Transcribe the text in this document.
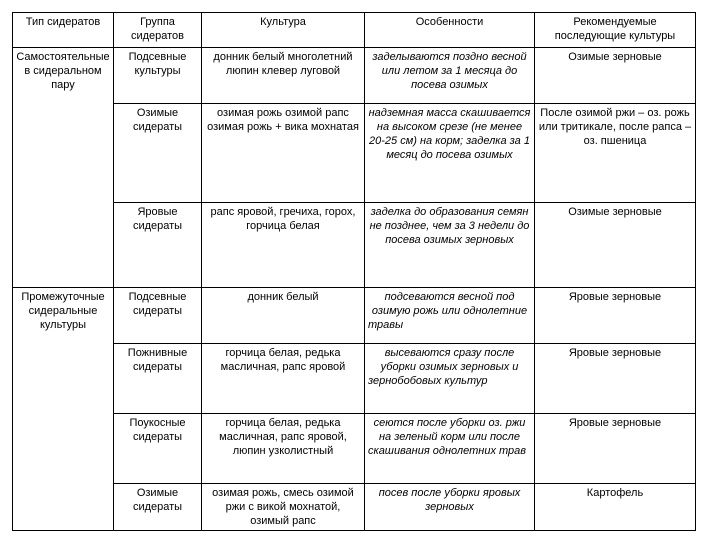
Тип сидератов	Группа сидератов	Культура	Особенности	Рекомендуемые последующие культуры
Самостоятельные в сидеральном пару	Подсевные культуры	донник белый многолетний люпин клевер луговой	заделываются поздно весной или летом за 1 месяца до посева озимых	Озимые зерновые
	Озимые сидераты	озимая рожь озимой рапс озимая рожь + вика мохнатая	надземная масса скашивается на высоком срезе (не менее 20-25 см) на корм; заделка за 1 месяц до посева озимых	После озимой ржи – оз. рожь или тритикале, после рапса – оз. пшеница
	Яровые сидераты	рапс яровой, гречиха, горох, горчица белая	заделка до образования семян не позднее, чем за 3 недели до посева озимых зерновых	Озимые зерновые
Промежуточные сидеральные культуры	Подсевные сидераты	донник белый	подсеваются весной под озимую рожь или однолетние травы	Яровые зерновые
	Пожнивные сидераты	горчица белая, редька масличная, рапс яровой	высеваются сразу после уборки озимых зерновых и зернобобовых культур	Яровые зерновые
	Поукосные сидераты	горчица белая, редька масличная, рапс яровой, люпин узколистный	сеются после уборки оз. ржи на зеленый корм или после скашивания однолетних трав	Яровые зерновые
	Озимые сидераты	озимая рожь, смесь озимой ржи с викой мохнатой, озимый рапс	посев после уборки яровых зерновых	Картофель
